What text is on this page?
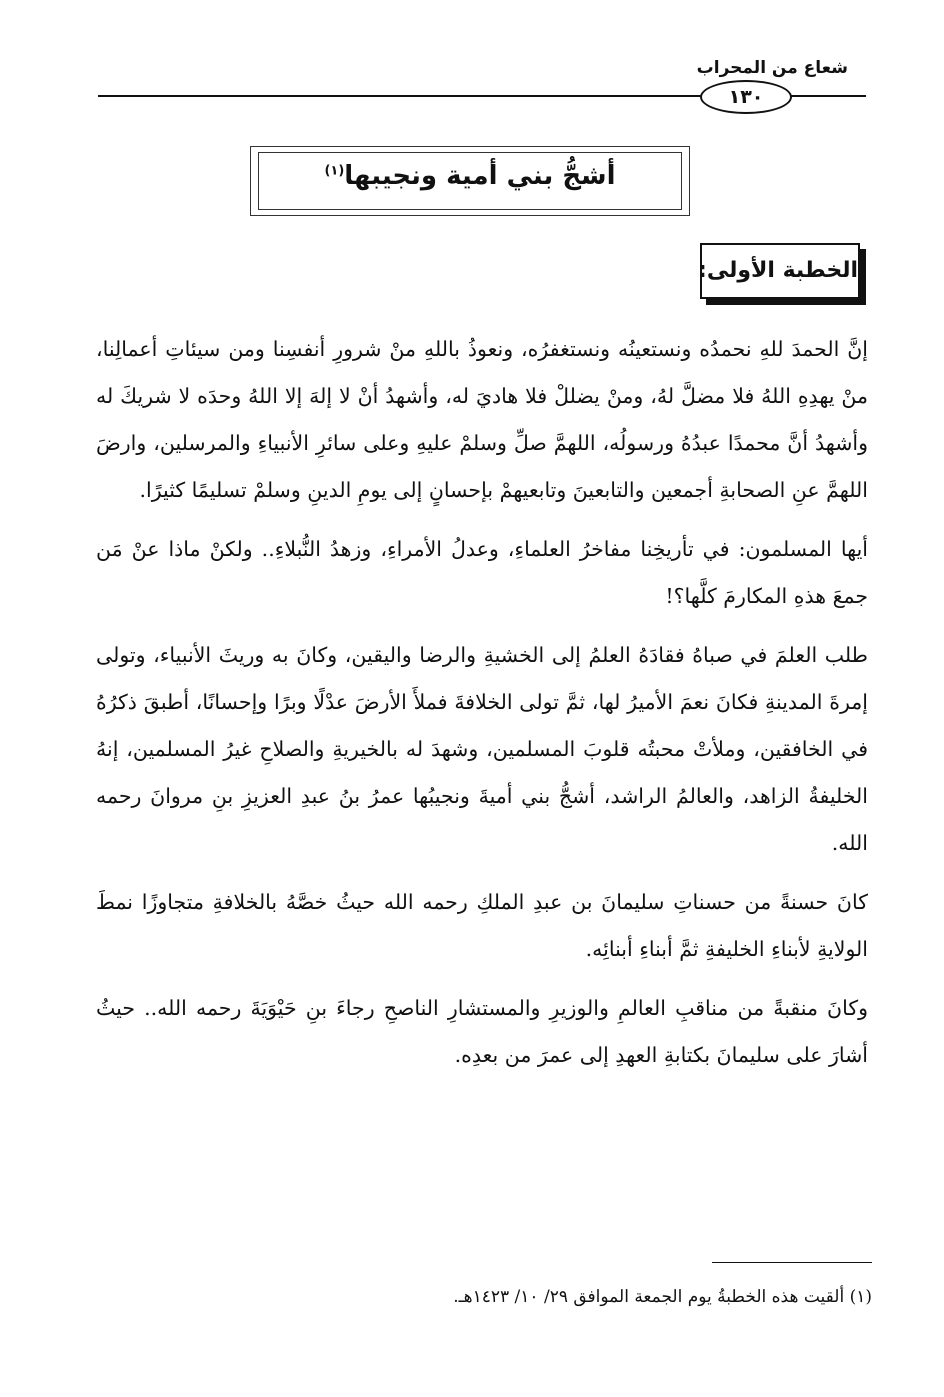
شعاع من المحراب
١٣٠
أشجُّ بني أمية ونجيبها$^{(١)}$
الخطبة الأولى:

إنَّ الحمدَ للهِ نحمدُه ونستعينُه ونستغفرُه، ونعوذُ باللهِ منْ شرورِ أنفسِنا ومن سيئاتِ أعمالِنا، منْ يهدِهِ اللهُ فلا مضلَّ لهُ، ومنْ يضللْ فلا هاديَ له، وأشهدُ أنْ لا إلهَ إلا اللهُ وحدَه لا شريكَ له وأشهدُ أنَّ محمدًا عبدُهُ ورسولُه، اللهمَّ صلِّ وسلمْ عليهِ وعلى سائرِ الأنبياءِ والمرسلين، وارضَ اللهمَّ عنِ الصحابةِ أجمعين والتابعينَ وتابعيهمْ بإحسانٍ إلى يومِ الدينِ وسلمْ تسليمًا كثيرًا.

أيها المسلمون: في تأريخِنا مفاخرُ العلماءِ، وعدلُ الأمراءِ، وزهدُ النُّبلاءِ.. ولكنْ ماذا عنْ مَن جمعَ هذهِ المكارمَ كلَّها؟!

طلب العلمَ في صباهُ فقادَهُ العلمُ إلى الخشيةِ والرضا واليقين، وكانَ به وريثَ الأنبياء، وتولى إمرةَ المدينةِ فكانَ نعمَ الأميرُ لها، ثمَّ تولى الخلافةَ فملأَ الأرضَ عدْلًا وبرًا وإحسانًا، أطبقَ ذكرُهُ في الخافقين، وملأتْ محبتُه قلوبَ المسلمين، وشهدَ له بالخيريةِ والصلاحِ غيرُ المسلمين، إنهُ الخليفةُ الزاهد، والعالمُ الراشد، أشجُّ بني أميةَ ونجيبُها عمرُ بنُ عبدِ العزيزِ بنِ مروانَ رحمه الله.

كانَ حسنةً من حسناتِ سليمانَ بن عبدِ الملكِ رحمه الله حيثُ خصَّهُ بالخلافةِ متجاوزًا نمطَ الولايةِ لأبناءِ الخليفةِ ثمَّ أبناءِ أبنائِه.

وكانَ منقبةً من مناقبِ العالمِ والوزيرِ والمستشارِ الناصحِ رجاءَ بنِ حَيْوَيَةَ رحمه الله.. حيثُ أشارَ على سليمانَ بكتابةِ العهدِ إلى عمرَ من بعدِه.

(١) ألقيت هذه الخطبةُ يوم الجمعة الموافق ٢٩/ ١٠/ ١٤٢٣هـ.
